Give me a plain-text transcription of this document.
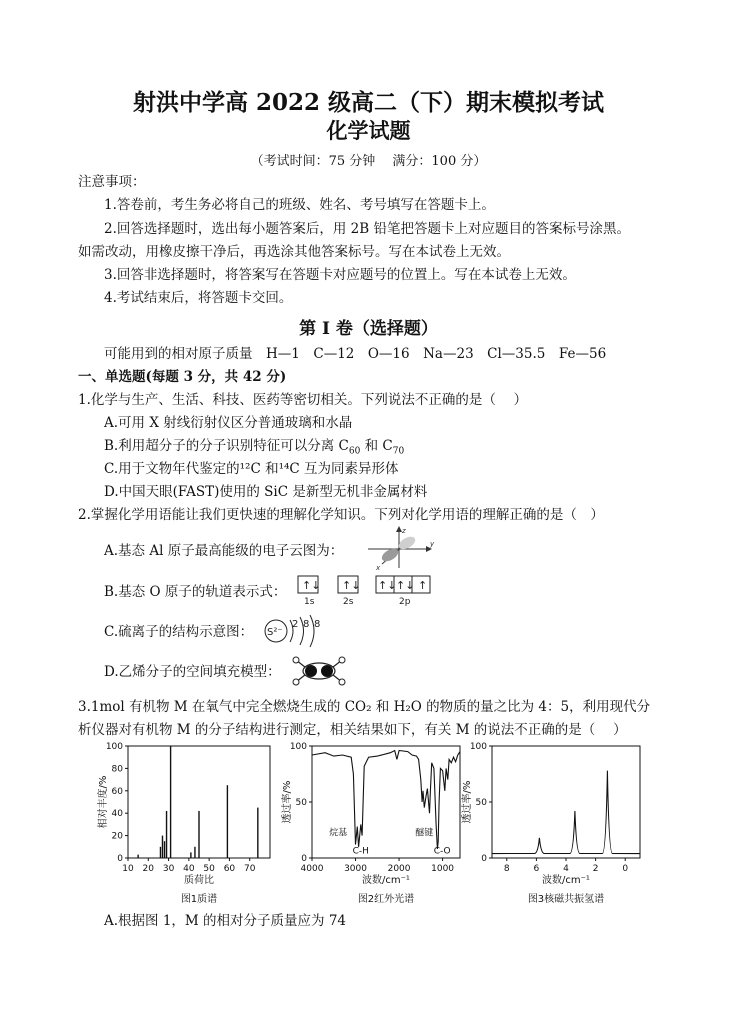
射洪中学高 2022 级高二（下）期末模拟考试
化学试题
（考试时间：75 分钟　 满分：100 分）
注意事项：
1.答卷前，考生务必将自己的班级、姓名、考号填写在答题卡上。
2.回答选择题时，选出每小题答案后，用 2B 铅笔把答题卡上对应题目的答案标号涂黑。
如需改动，用橡皮擦干净后，再选涂其他答案标号。写在本试卷上无效。
3.回答非选择题时，将答案写在答题卡对应题号的位置上。写在本试卷上无效。
4.考试结束后，将答题卡交回。
第 I 卷（选择题）
可能用到的相对原子质量　H—1　C—12　O—16　Na—23　Cl—35.5　Fe—56
一、单选题(每题 3 分，共 42 分)
1.化学与生产、生活、科技、医药等密切相关。下列说法不正确的是（　 ）
A.可用 X 射线衍射仪区分普通玻璃和水晶
B.利用超分子的分子识别特征可以分离 $C_{60}$ 和 $C_{70}$
C.用于文物年代鉴定的¹²C 和¹⁴C 互为同素异形体
D.中国天眼(FAST)使用的 SiC 是新型无机非金属材料
2.掌握化学用语能让我们更快速的理解化学知识。下列对化学用语的理解正确的是（　）
A.基态 Al 原子最高能级的电子云图为：	y
z
x
B.基态 O 原子的轨道表示式： ↑↓
1s
↑↓
2s
↑↓ ↑↓ ↑
2p
C.硫离子的结构示意图： S²⁻
2 8 8
D.乙烯分子的空间填充模型：
3.1mol 有机物 M 在氧气中完全燃烧生成的 CO₂ 和 H₂O 的物质的量之比为 4：5，利用现代分
析仪器对有机物 M 的分子结构进行测定，相关结果如下，有关 M 的说法不正确的是（　 ）
0
20
40
60
80
100
10 20 30 40 50 60 70
质荷比
相对丰度/%
图1质谱
0
50
100
4000 3000 2000 1000
波数/cm⁻¹
透过率/%
图2红外光谱
烷基
C-H
醚键
C-O
0
50
100
8	6	4	2	0
波数/cm⁻¹
透过率/%
图3核磁共振氢谱
A.根据图 1，M 的相对分子质量应为 74
